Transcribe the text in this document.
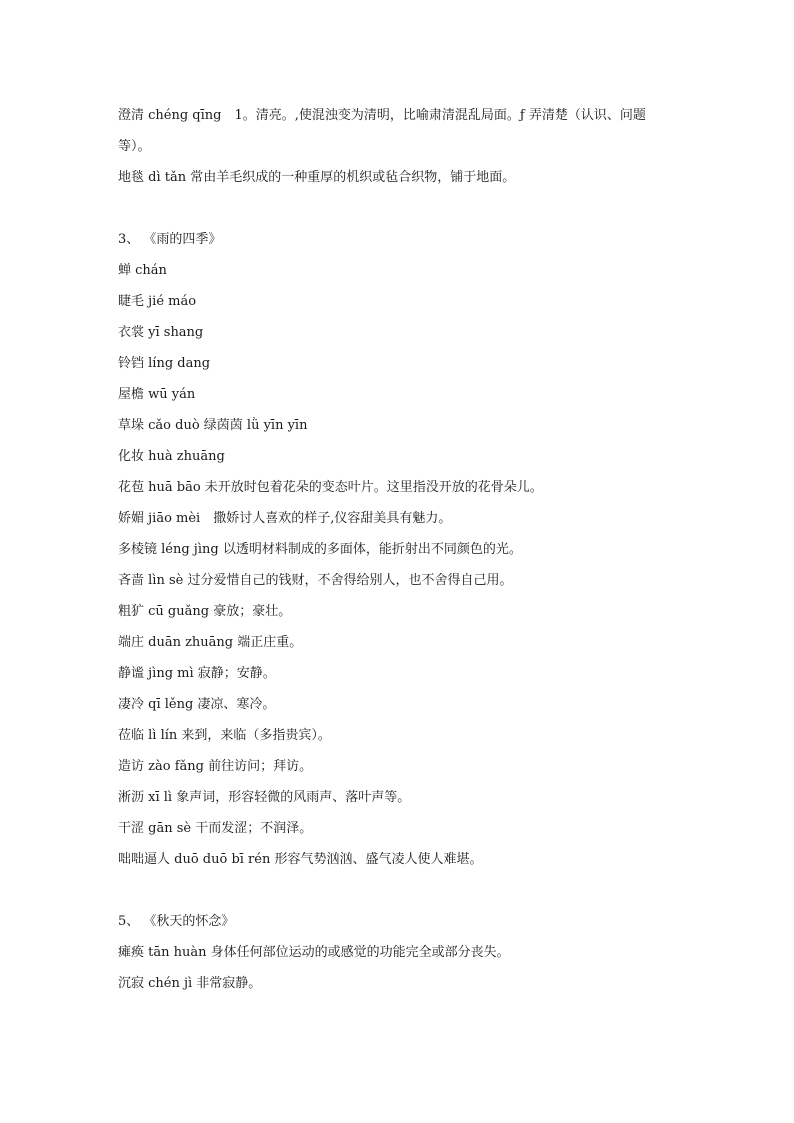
澄清 chéng qīng　1。清亮。,使混浊变为清明，比喻肃清混乱局面。ƒ 弄清楚（认识、问题
等）。
地毯 dì tǎn 常由羊毛织成的一种重厚的机织或毡合织物，铺于地面。
3、 《雨的四季》
蝉 chán
睫毛 jié máo
衣裳 yī shang
铃铛 líng dang
屋檐 wū yán
草垛 cǎo duò 绿茵茵 lǜ yīn yīn
化妆 huà zhuāng
花苞 huā bāo 未开放时包着花朵的变态叶片。这里指没开放的花骨朵儿。
娇媚 jiāo mèi　撒娇讨人喜欢的样子,仪容甜美具有魅力。
多棱镜 léng jìng 以透明材料制成的多面体，能折射出不同颜色的光。
吝啬 lìn sè 过分爱惜自己的钱财，不舍得给别人，也不舍得自己用。
粗犷 cū guǎng 豪放；豪壮。
端庄 duān zhuāng 端正庄重。
静谧 jìng mì 寂静；安静。
凄冷 qī lěng 凄凉、寒冷。
莅临 lì lín 来到，来临（多指贵宾）。
造访 zào fǎng 前往访问；拜访。
淅沥 xī lì 象声词，形容轻微的风雨声、落叶声等。
干涩 gān sè 干而发涩；不润泽。
咄咄逼人 duō duō bī rén 形容气势汹汹、盛气凌人使人难堪。
5、 《秋天的怀念》
瘫痪 tān huàn 身体任何部位运动的或感觉的功能完全或部分丧失。
沉寂 chén jì 非常寂静。
